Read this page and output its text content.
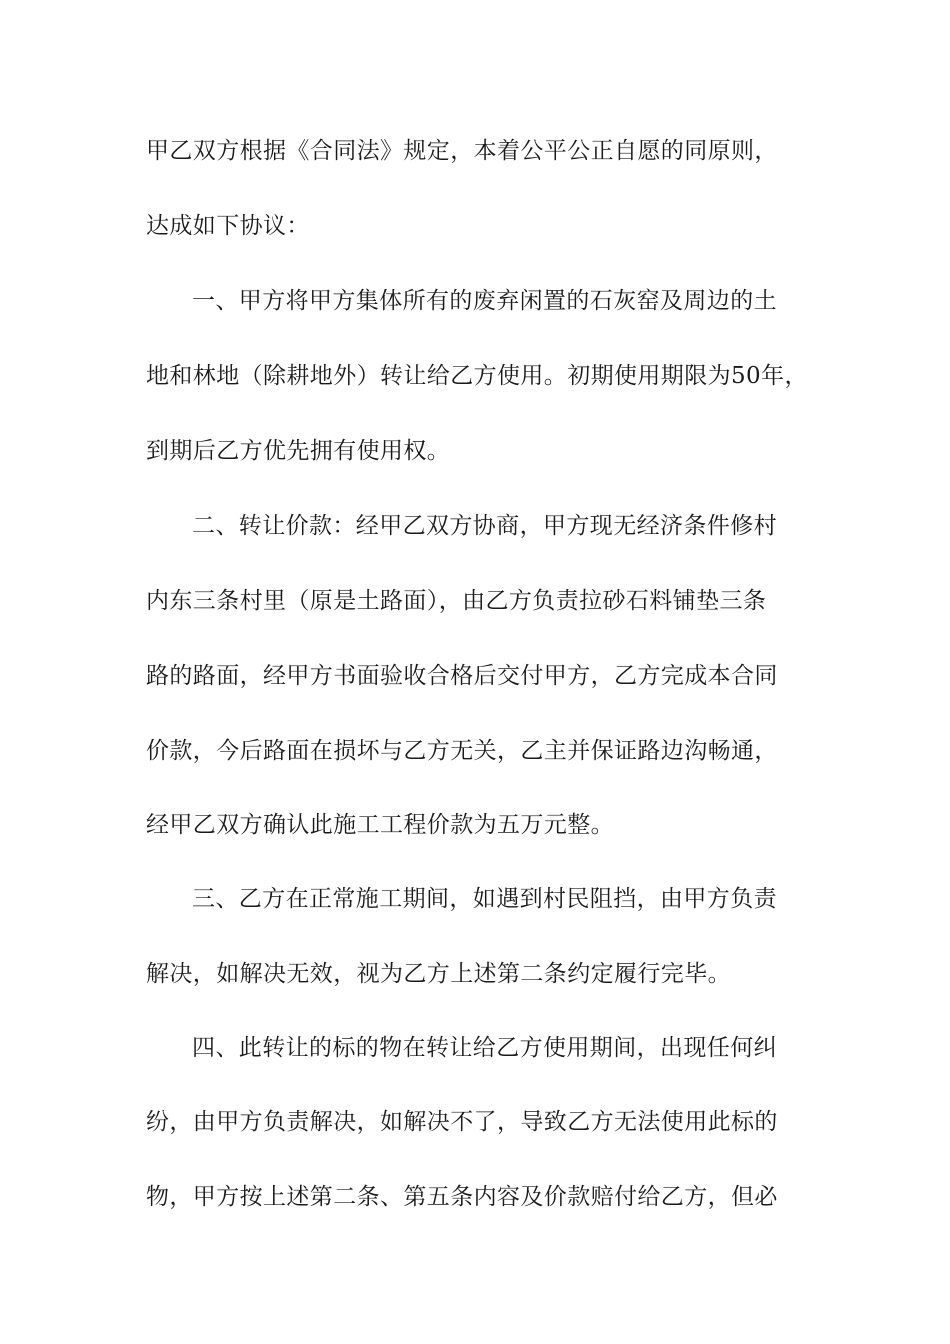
甲乙双方根据《合同法》规定，本着公平公正自愿的同原则，
达成如下协议：
一、甲方将甲方集体所有的废弃闲置的石灰窑及周边的土
地和林地（除耕地外）转让给乙方使用。初期使用期限为50年，
到期后乙方优先拥有使用权。
二、转让价款：经甲乙双方协商，甲方现无经济条件修村
内东三条村里（原是土路面），由乙方负责拉砂石料铺垫三条
路的路面，经甲方书面验收合格后交付甲方，乙方完成本合同
价款，今后路面在损坏与乙方无关，乙主并保证路边沟畅通，
经甲乙双方确认此施工工程价款为五万元整。
三、乙方在正常施工期间，如遇到村民阻挡，由甲方负责
解决，如解决无效，视为乙方上述第二条约定履行完毕。
四、此转让的标的物在转让给乙方使用期间，出现任何纠
纷，由甲方负责解决，如解决不了，导致乙方无法使用此标的
物，甲方按上述第二条、第五条内容及价款赔付给乙方，但必
